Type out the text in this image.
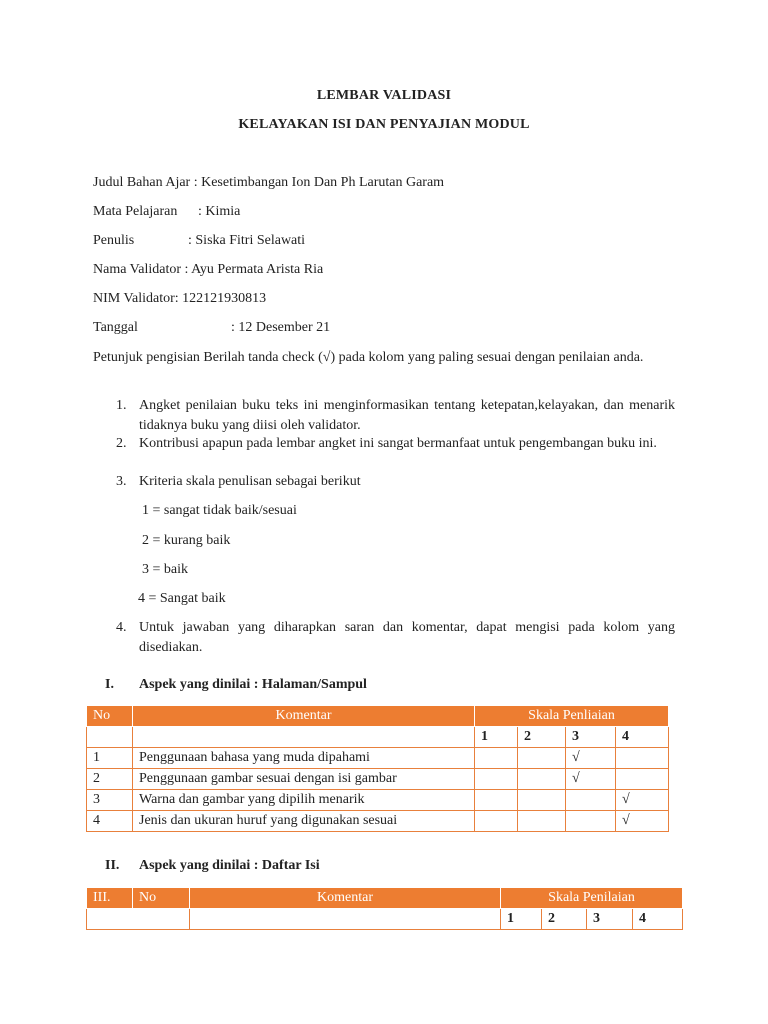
LEMBAR VALIDASI
KELAYAKAN ISI DAN PENYAJIAN MODUL
Judul Bahan Ajar : Kesetimbangan Ion Dan Ph Larutan Garam
Mata Pelajaran : Kimia
Penulis	: Siska Fitri Selawati
Nama Validator : Ayu Permata Arista Ria
NIM Validator: 122121930813
Tanggal	: 12 Desember 21
Petunjuk pengisian Berilah tanda check (√) pada kolom yang paling sesuai dengan penilaian anda.
1. Angket penilaian buku teks ini menginformasikan tentang ketepatan,kelayakan, dan menarik tidaknya buku yang diisi oleh validator.
2. Kontribusi apapun pada lembar angket ini sangat bermanfaat untuk pengembangan buku ini.
3. Kriteria skala penulisan sebagai berikut
1 = sangat tidak baik/sesuai
2 = kurang baik
3 = baik
4 = Sangat baik
4. Untuk jawaban yang diharapkan saran dan komentar, dapat mengisi pada kolom yang disediakan.
I. Aspek yang dinilai : Halaman/Sampul
No	Komentar	Skala Penliaian			
		1	2	3	4
1	Penggunaan bahasa yang muda dipahami			√	
2	Penggunaan gambar sesuai dengan isi gambar			√	
3	Warna dan gambar yang dipilih menarik				√
4	Jenis dan ukuran huruf yang digunakan sesuai				√
II. Aspek yang dinilai : Daftar Isi
III.	No	Komentar	Skala Penilaian			
			1	2	3	4
